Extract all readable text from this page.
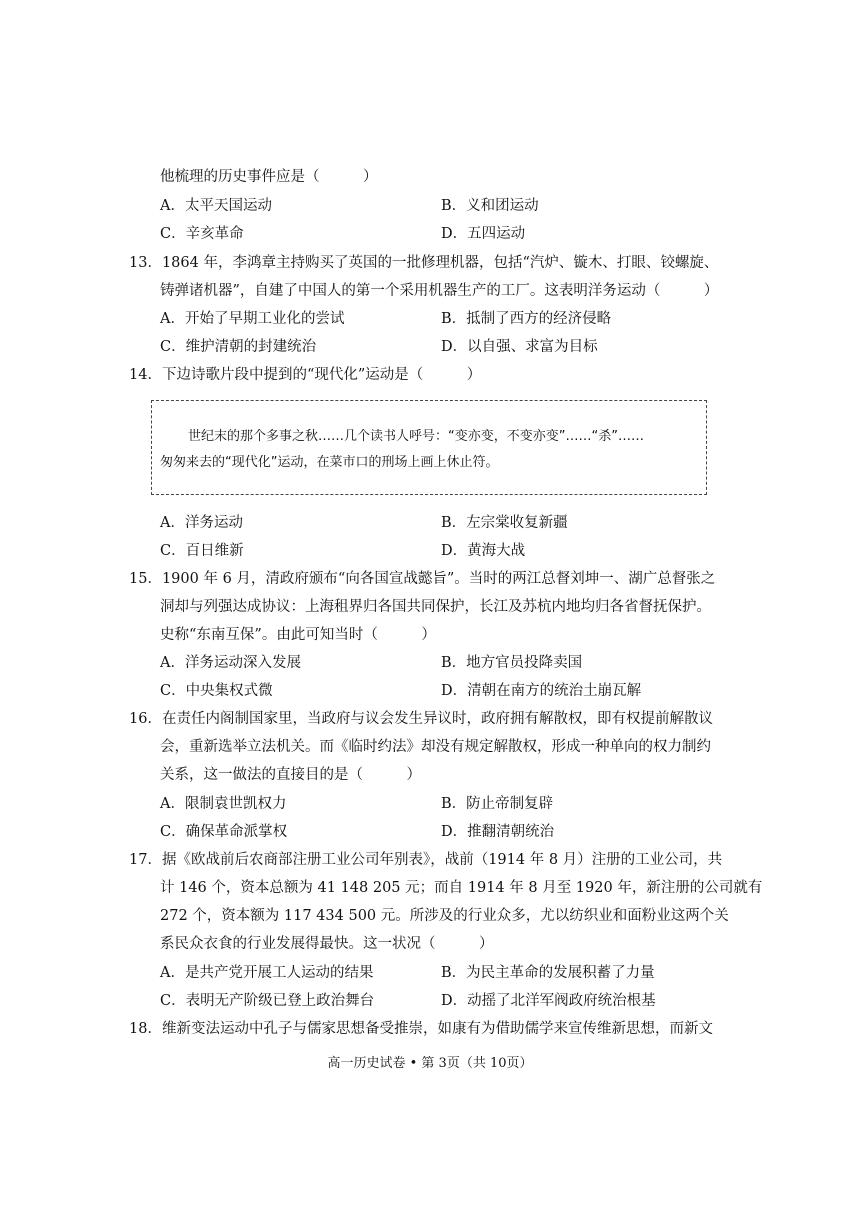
他梳理的历史事件应是（　　　）
A．太平天国运动	B．义和团运动
C．辛亥革命	D．五四运动
13．1864 年，李鸿章主持购买了英国的一批修理机器，包括“汽炉、镟木、打眼、铰螺旋、
铸弹诸机器”，自建了中国人的第一个采用机器生产的工厂。这表明洋务运动（　　　）
A．开始了早期工业化的尝试	B．抵制了西方的经济侵略
C．维护清朝的封建统治	D．以自强、求富为目标
14．下边诗歌片段中提到的“现代化”运动是（　　　）
世纪末的那个多事之秋……几个读书人呼号：“变亦变，不变亦变”……“杀”……
匆匆来去的“现代化”运动，在菜市口的刑场上画上休止符。
A．洋务运动	B．左宗棠收复新疆
C．百日维新	D．黄海大战
15．1900 年 6 月，清政府颁布“向各国宣战懿旨”。当时的两江总督刘坤一、湖广总督张之
洞却与列强达成协议：上海租界归各国共同保护，长江及苏杭内地均归各省督抚保护。
史称“东南互保”。由此可知当时（　　　）
A．洋务运动深入发展	B．地方官员投降卖国
C．中央集权式微	D．清朝在南方的统治土崩瓦解
16．在责任内阁制国家里，当政府与议会发生异议时，政府拥有解散权，即有权提前解散议
会，重新选举立法机关。而《临时约法》却没有规定解散权，形成一种单向的权力制约
关系，这一做法的直接目的是（　　　）
A．限制袁世凯权力	B．防止帝制复辟
C．确保革命派掌权	D．推翻清朝统治
17．据《欧战前后农商部注册工业公司年别表》，战前（1914 年 8 月）注册的工业公司，共
计 146 个，资本总额为 41 148 205 元；而自 1914 年 8 月至 1920 年，新注册的公司就有
272 个，资本额为 117 434 500 元。所涉及的行业众多，尤以纺织业和面粉业这两个关
系民众衣食的行业发展得最快。这一状况（　　　）
A．是共产党开展工人运动的结果	B．为民主革命的发展积蓄了力量
C．表明无产阶级已登上政治舞台	D．动摇了北洋军阀政府统治根基
18．维新变法运动中孔子与儒家思想备受推崇，如康有为借助儒学来宣传维新思想，而新文
高一历史试卷 • 第 3页（共 10页）
